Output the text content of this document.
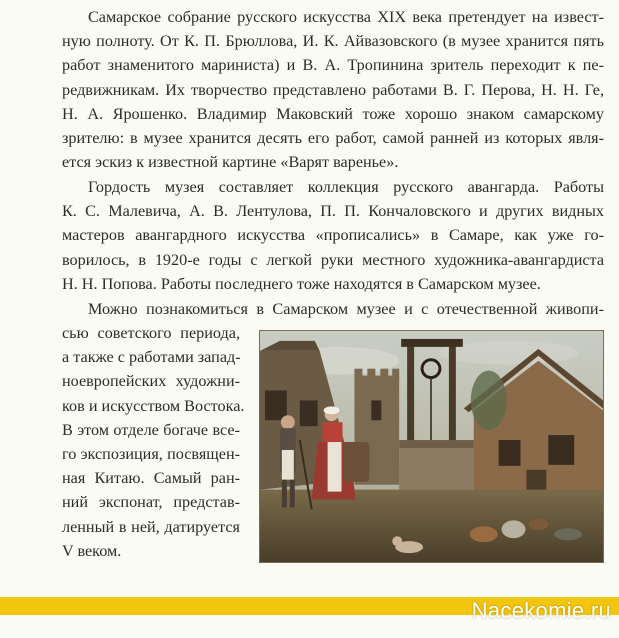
Самарское собрание русского искусства XIX века претендует на извест-
ную полноту. От К. П. Брюллова, И. К. Айвазовского (в музее хранится пять
работ знаменитого мариниста) и В. А. Тропинина зритель переходит к пе-
редвижникам. Их творчество представлено работами В. Г. Перова, Н. Н. Ге,
Н. А. Ярошенко. Владимир Маковский тоже хорошо знаком самарскому
зрителю: в музее хранится десять его работ, самой ранней из которых явля-
ется эскиз к известной картине «Варят варенье».
Гордость музея составляет коллекция русского авангарда. Работы
К. С. Малевича, А. В. Лентулова, П. П. Кончаловского и других видных
мастеров авангардного искусства «прописались» в Самаре, как уже го-
ворилось, в 1920-е годы с легкой руки местного художника-авангардиста
Н. Н. Попова. Работы последнего тоже находятся в Самарском музее.
Можно познакомиться в Самарском музее и с отечественной живопи-
сью советского периода,
а также с работами запад-
ноевропейских художни-
ков и искусством Востока.
В этом отделе богаче все-
го экспозиция, посвящен-
ная Китаю. Самый ран-
ний экспонат, представ-
ленный в ней, датируется
V веком.
Nacekomie.ru
